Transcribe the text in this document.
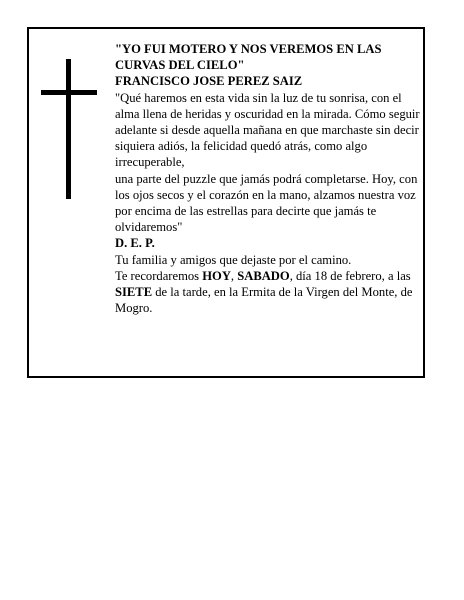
"YO FUI MOTERO Y NOS VEREMOS EN LAS CURVAS DEL CIELO"

FRANCISCO JOSE PEREZ SAIZ

"Qué haremos en esta vida sin la luz de tu sonrisa, con el alma llena de heridas y oscuridad en la mirada. Cómo seguir adelante si desde aquella mañana en que marchaste sin decir siquiera adiós, la felicidad quedó atrás, como algo irrecuperable,

una parte del puzzle que jamás podrá completarse. Hoy, con los ojos secos y el corazón en la mano, alzamos nuestra voz por encima de las estrellas para decirte que jamás te olvidaremos"

D. E. P.

Tu familia y amigos que dejaste por el camino.

Te recordaremos HOY, SABADO, día 18 de febrero, a las SIETE de la tarde, en la Ermita de la Virgen del Monte, de Mogro.
